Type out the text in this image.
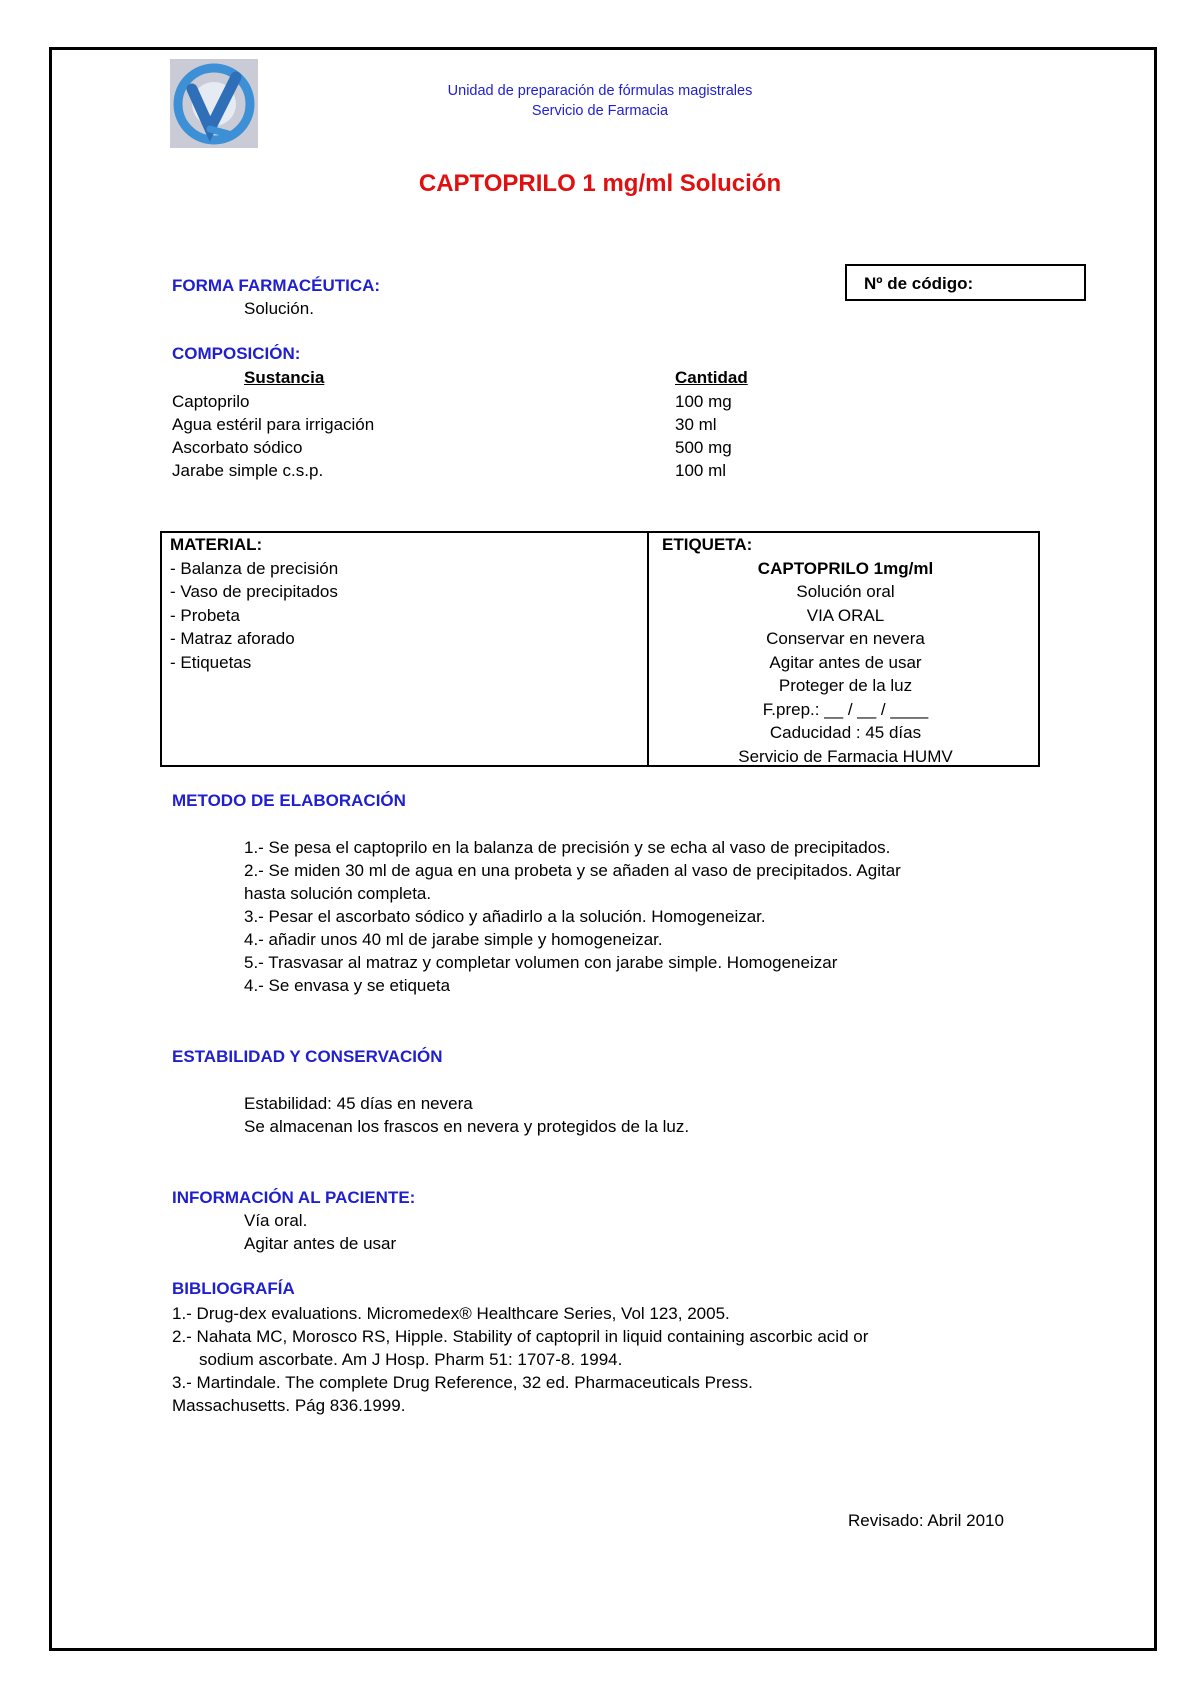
Unidad de preparación de fórmulas magistrales
Servicio de Farmacia
CAPTOPRILO 1 mg/ml Solución
Nº de código:
FORMA FARMACÉUTICA:
Solución.
COMPOSICIÓN:
Sustancia	Cantidad
Captoprilo	100 mg
Agua estéril para irrigación	30 ml
Ascorbato sódico	500 mg
Jarabe simple c.s.p.	100 ml
MATERIAL:
- Balanza de precisión
- Vaso de precipitados
- Probeta
- Matraz aforado
- Etiquetas
ETIQUETA:
CAPTOPRILO 1mg/ml
Solución oral
VIA ORAL
Conservar en nevera
Agitar antes de usar
Proteger de la luz
F.prep.: __ / __ / ____
Caducidad : 45 días
Servicio de Farmacia HUMV
METODO DE ELABORACIÓN
1.- Se pesa el captoprilo en la balanza de precisión y se echa al vaso de precipitados.
2.- Se miden 30 ml de agua en una probeta y se añaden al vaso de precipitados. Agitar
hasta solución completa.
3.- Pesar el ascorbato sódico y añadirlo a la solución. Homogeneizar.
4.- añadir unos 40 ml de jarabe simple y homogeneizar.
5.- Trasvasar al matraz y completar volumen con jarabe simple. Homogeneizar
4.- Se envasa y se etiqueta
ESTABILIDAD Y CONSERVACIÓN
Estabilidad: 45 días en nevera
Se almacenan los frascos en nevera y protegidos de la luz.
INFORMACIÓN AL PACIENTE:
Vía oral.
Agitar antes de usar
BIBLIOGRAFÍA
1.- Drug-dex evaluations. Micromedex® Healthcare Series, Vol 123, 2005.
2.- Nahata MC, Morosco RS, Hipple. Stability of captopril in liquid containing ascorbic acid or
sodium ascorbate. Am J Hosp. Pharm 51: 1707-8. 1994.
3.- Martindale. The complete Drug Reference, 32 ed. Pharmaceuticals Press.
Massachusetts. Pág 836.1999.
Revisado: Abril 2010
